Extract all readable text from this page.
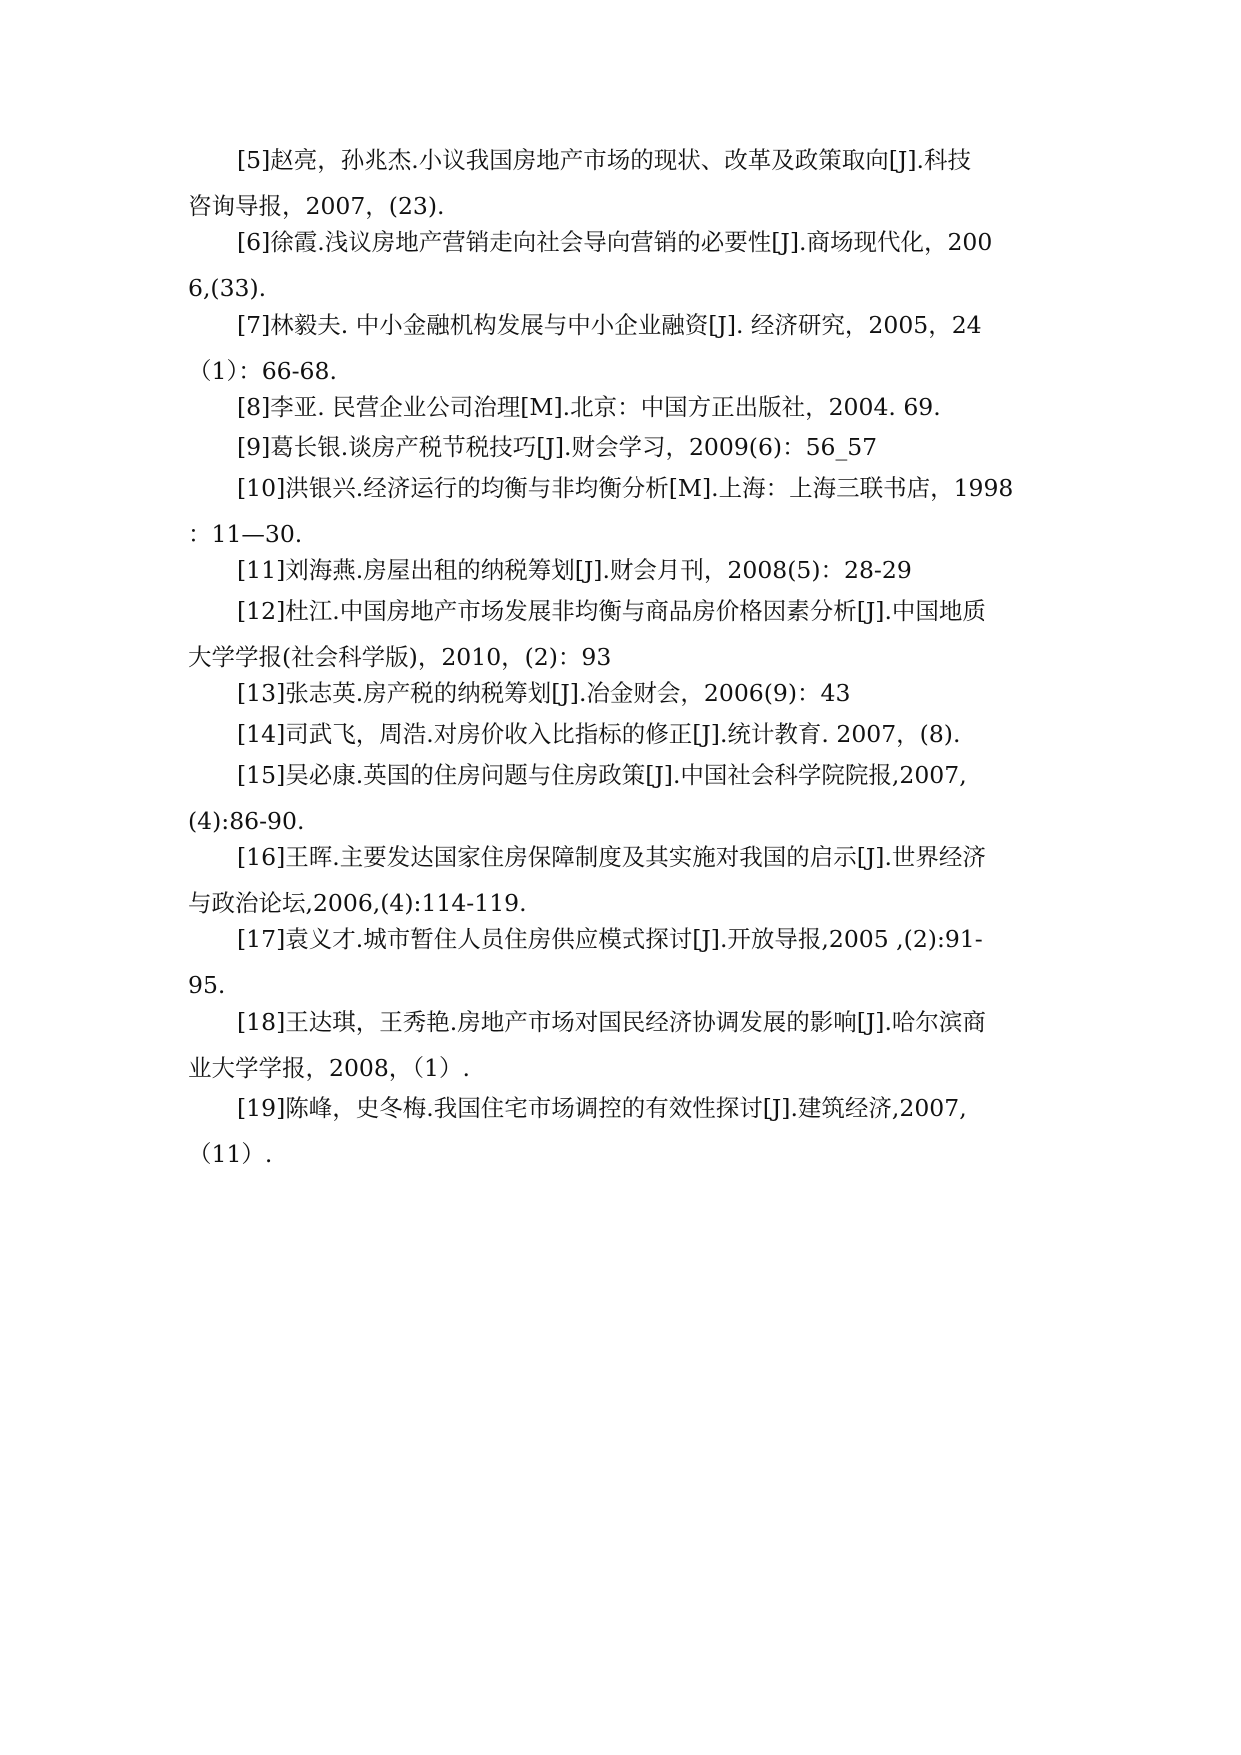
[5]赵亮，孙兆杰.小议我国房地产市场的现状、改革及政策取向[J].科技
咨询导报，2007，(23).

[6]徐霞.浅议房地产营销走向社会导向营销的必要性[J].商场现代化，200
6,(33).

[7]林毅夫. 中小金融机构发展与中小企业融资[J]. 经济研究，2005，24
（1）：66-68.

[8]李亚. 民营企业公司治理[M].北京：中国方正出版社，2004. 69.

[9]葛长银.谈房产税节税技巧[J].财会学习，2009(6)：56_57

[10]洪银兴.经济运行的均衡与非均衡分析[M].上海：上海三联书店，1998
：11—30.

[11]刘海燕.房屋出租的纳税筹划[J].财会月刊，2008(5)：28-29

[12]杜江.中国房地产市场发展非均衡与商品房价格因素分析[J].中国地质
大学学报(社会科学版)，2010，(2)：93

[13]张志英.房产税的纳税筹划[J].冶金财会，2006(9)：43

[14]司武飞，周浩.对房价收入比指标的修正[J].统计教育. 2007，(8).

[15]吴必康.英国的住房问题与住房政策[J].中国社会科学院院报,2007,
(4):86-90.

[16]王晖.主要发达国家住房保障制度及其实施对我国的启示[J].世界经济
与政治论坛,2006,(4):114-119.

[17]袁义才.城市暂住人员住房供应模式探讨[J].开放导报,2005 ,(2):91-
95.

[18]王达琪，王秀艳.房地产市场对国民经济协调发展的影响[J].哈尔滨商
业大学学报，2008，（1）.

[19]陈峰，史冬梅.我国住宅市场调控的有效性探讨[J].建筑经济,2007,
（11）.
